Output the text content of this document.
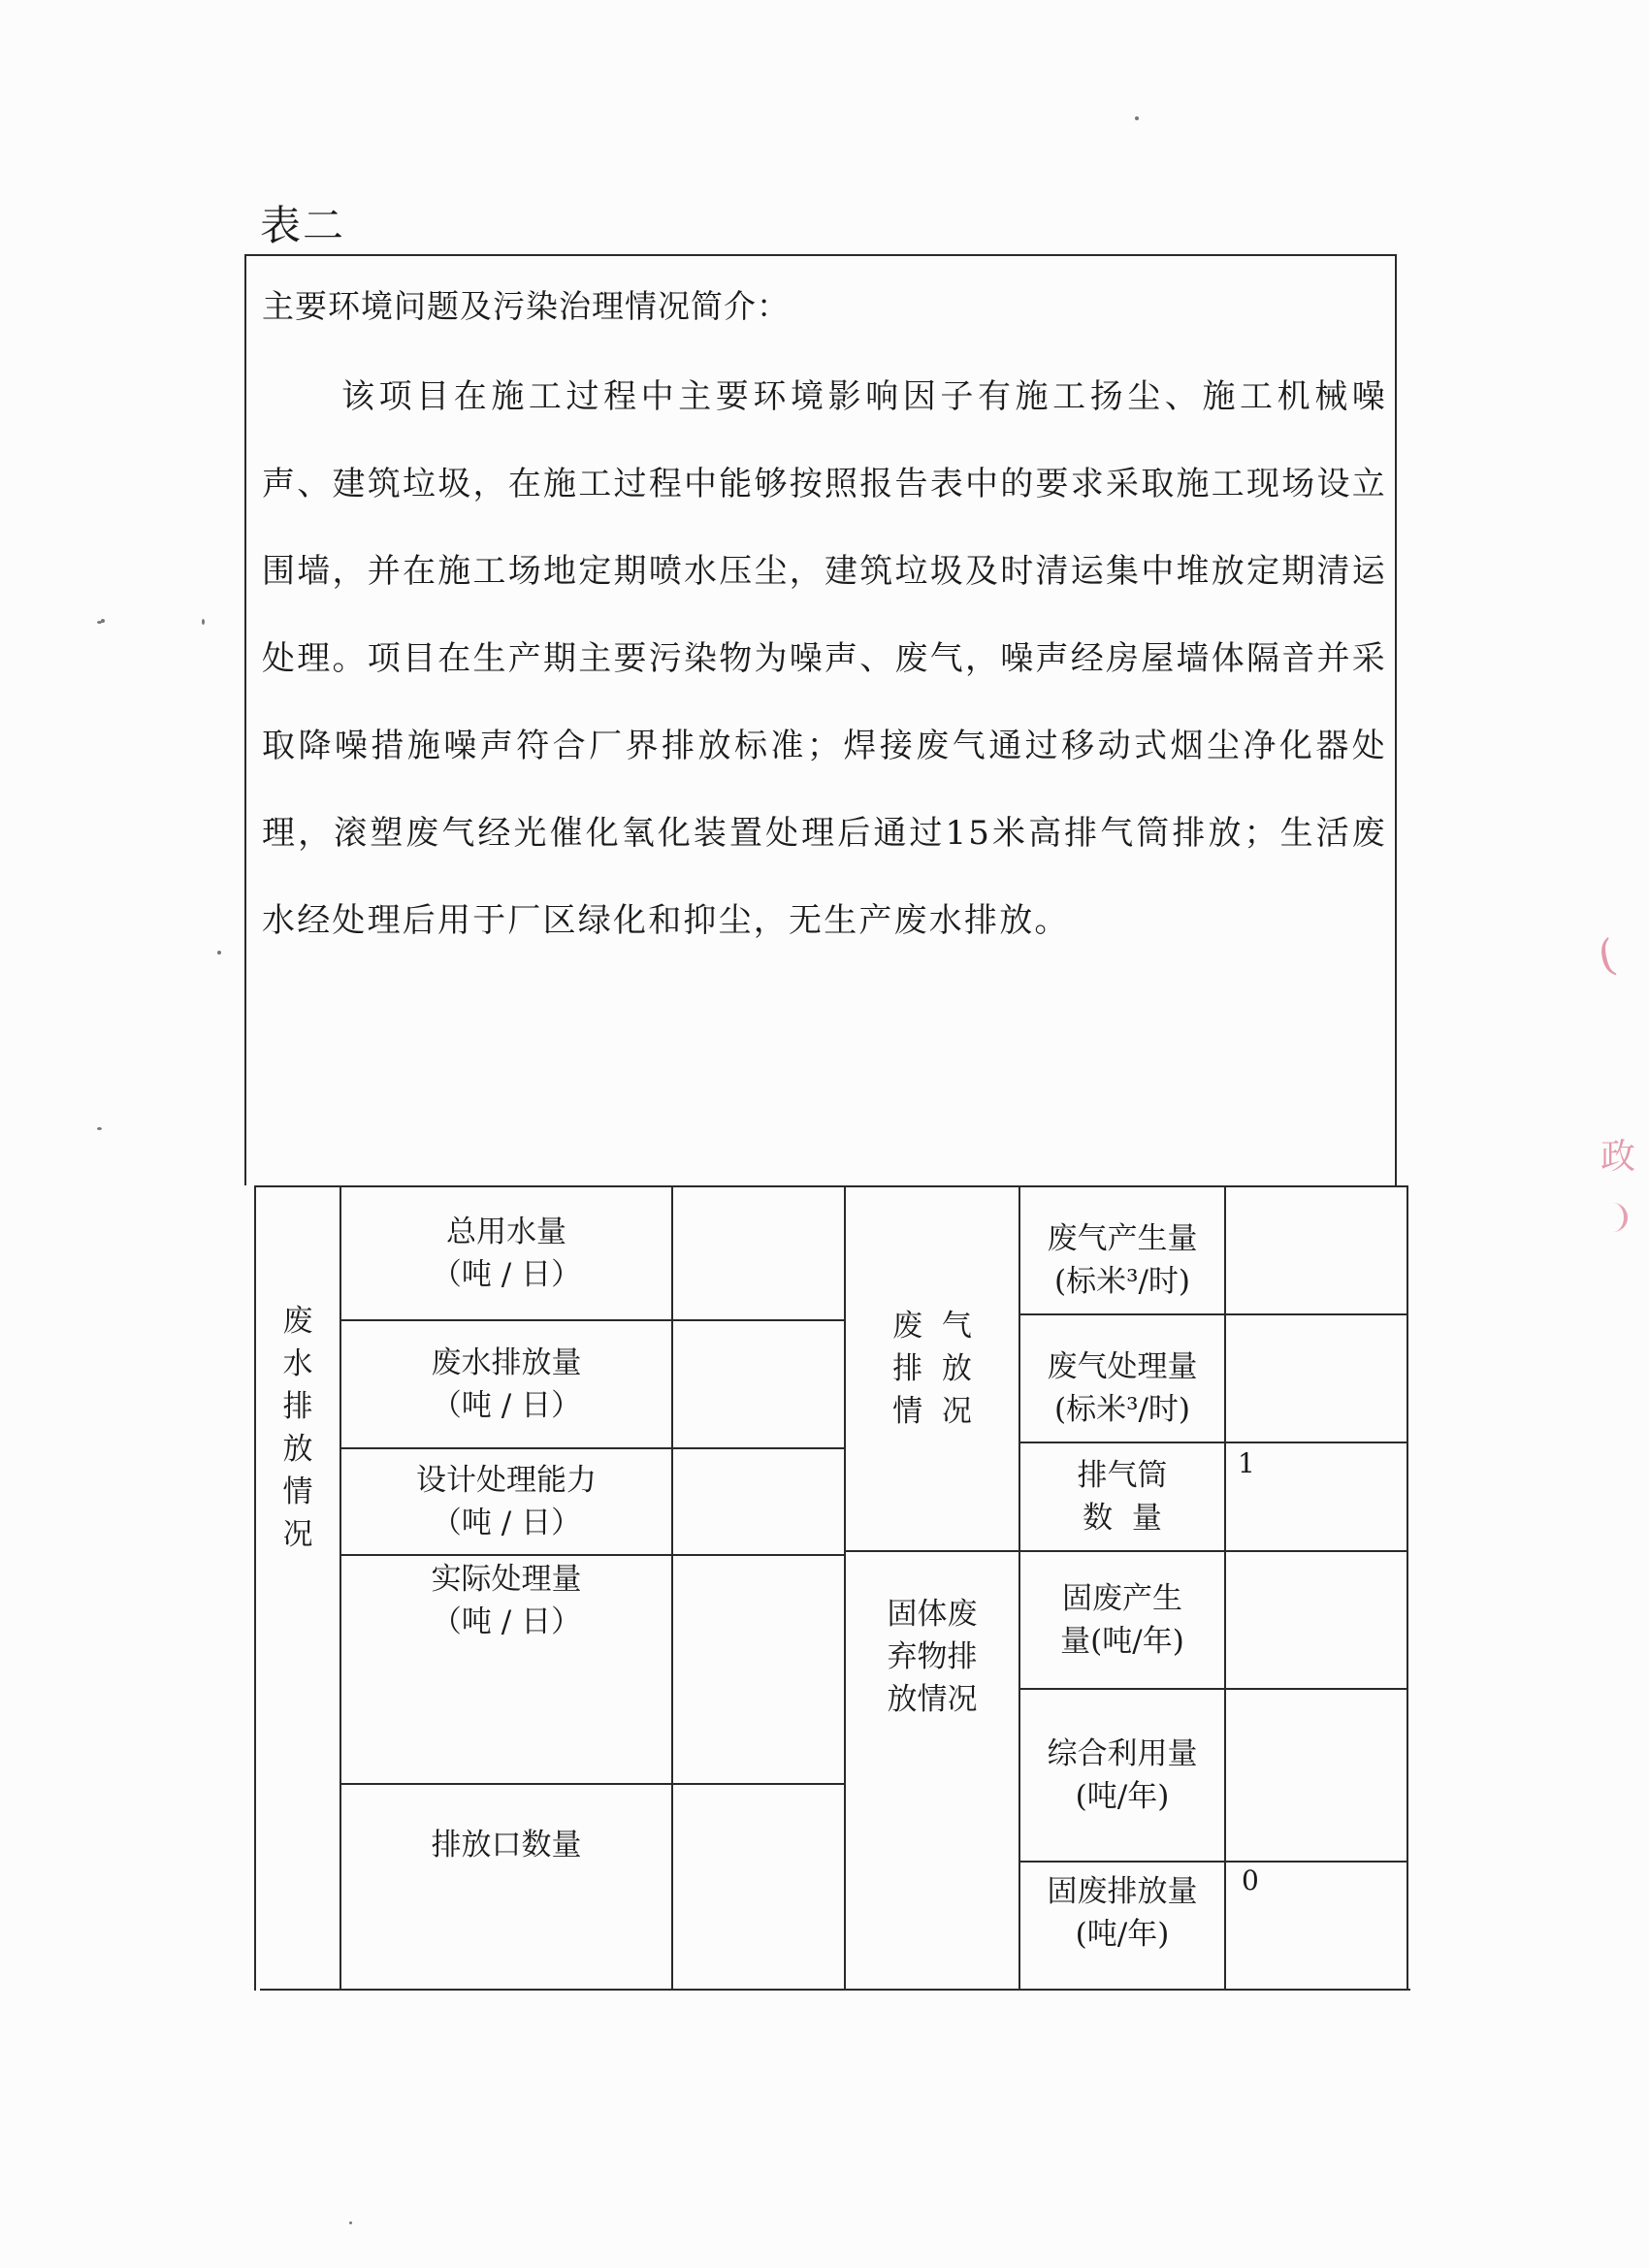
表二
主要环境问题及污染治理情况简介：
该项目在施工过程中主要环境影响因子有施工扬尘、施工机械噪声、建筑垃圾，在施工过程中能够按照报告表中的要求采取施工现场设立围墙，并在施工场地定期喷水压尘，建筑垃圾及时清运集中堆放定期清运处理。项目在生产期主要污染物为噪声、废气，噪声经房屋墙体隔音并采取降噪措施噪声符合厂界排放标准；焊接废气通过移动式烟尘净化器处理，滚塑废气经光催化氧化装置处理后通过15米高排气筒排放；生活废水经处理后用于厂区绿化和抑尘，无生产废水排放。
废水排放情况
总用水量
（吨 / 日）
废水排放量
（吨 / 日）
设计处理能力
（吨 / 日）
实际处理量
（吨 / 日）
排放口数量
废  气
排  放
情  况
废气产生量
(标米³/时)
废气处理量
(标米³/时)
排气筒
数  量
1
固体废
弃物排
放情况
固废产生
量(吨/年)
综合利用量
(吨/年)
固废排放量
(吨/年)
0
(
政
